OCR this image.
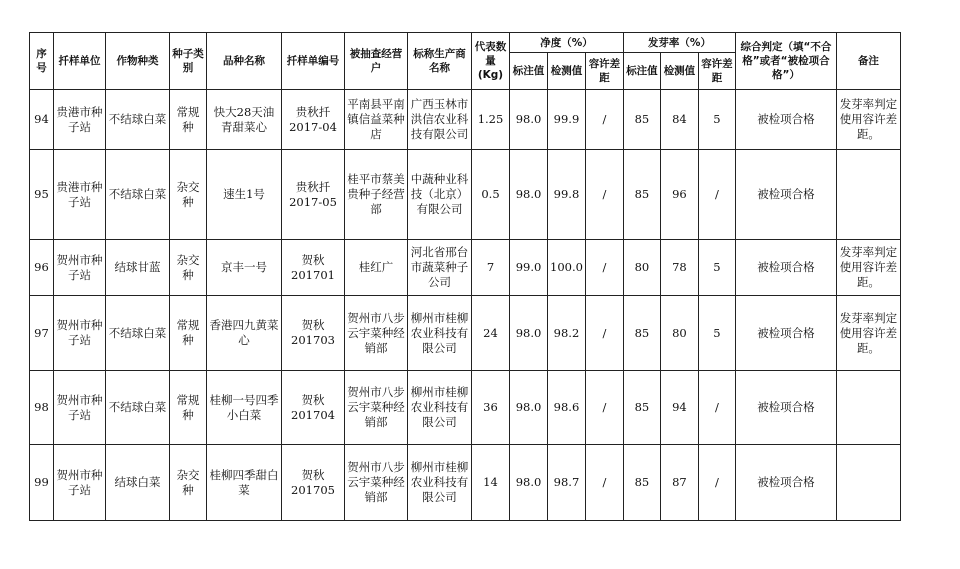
序号	扦样单位	作物种类	种子类别	品种名称	扦样单编号	被抽查经营户	标称生产商名称	代表数量(Kg)	净度（%）			发芽率（%）			综合判定（填“不合格”或者“被检项合格”）	备注
									标注值	检测值	容许差距	标注值	检测值	容许差距		
94	贵港市种子站	不结球白菜	常规种	快大28天油青甜菜心	贵秋扦2017-04	平南县平南镇信益菜种店	广西玉林市洪信农业科技有限公司	1.25	98.0	99.9	/	85	84	5	被检项合格	发芽率判定使用容许差距。
95	贵港市种子站	不结球白菜	杂交种	速生1号	贵秋扦2017-05	桂平市蔡美贵种子经营部	中蔬种业科技（北京）有限公司	0.5	98.0	99.8	/	85	96	/	被检项合格	
96	贺州市种子站	结球甘蓝	杂交种	京丰一号	贺秋201701	桂红广	河北省邢台市蔬菜种子公司	7	99.0	100.0	/	80	78	5	被检项合格	发芽率判定使用容许差距。
97	贺州市种子站	不结球白菜	常规种	香港四九黄菜心	贺秋201703	贺州市八步云宇菜种经销部	柳州市桂柳农业科技有限公司	24	98.0	98.2	/	85	80	5	被检项合格	发芽率判定使用容许差距。
98	贺州市种子站	不结球白菜	常规种	桂柳一号四季小白菜	贺秋201704	贺州市八步云宇菜种经销部	柳州市桂柳农业科技有限公司	36	98.0	98.6	/	85	94	/	被检项合格	
99	贺州市种子站	结球白菜	杂交种	桂柳四季甜白菜	贺秋201705	贺州市八步云宇菜种经销部	柳州市桂柳农业科技有限公司	14	98.0	98.7	/	85	87	/	被检项合格	
